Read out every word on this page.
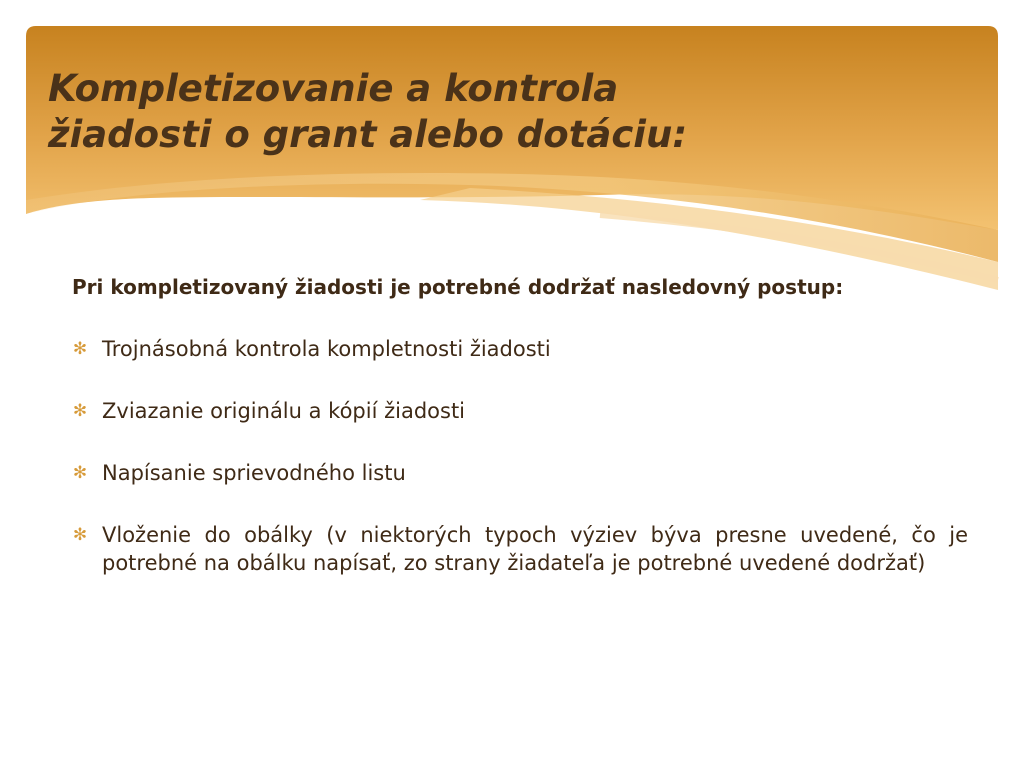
Kompletizovanie a kontrola
žiadosti o grant alebo dotáciu:

Pri kompletizovaný žiadosti je potrebné dodržať nasledovný postup:

✻ Trojnásobná kontrola kompletnosti žiadosti
✻ Zviazanie originálu a kópií žiadosti
✻ Napísanie sprievodného listu
✻ Vloženie do obálky (v niektorých typoch výziev býva presne uvedené, čo je potrebné na obálku napísať, zo strany žiadateľa je potrebné uvedené dodržať)
